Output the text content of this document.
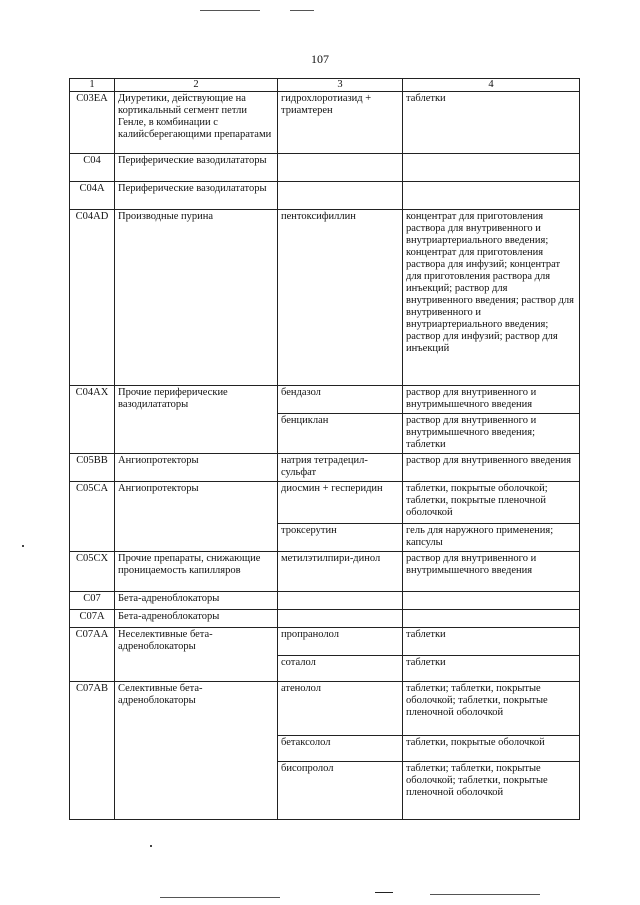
107
1	2	3	4
C03EA	Диуретики, действующие на кортикальный сегмент петли Генле, в комбинации с калийсберегающими препаратами	гидрохлоротиазид + триамтерен	таблетки
C04	Периферические вазодилататоры		
C04A	Периферические вазодилататоры		
C04AD	Производные пурина	пентоксифиллин	концентрат для приготовления раствора для внутривенного и внутриартериального введения; концентрат для приготовления раствора для инфузий; концентрат для приготовления раствора для инъекций; раствор для внутривенного введения; раствор для внутривенного и внутриартериального введения; раствор для инфузий; раствор для инъекций
C04AX	Прочие периферические вазодилататоры	бендазол	раствор для внутривенного и внутримышечного введения
		бенциклан	раствор для внутривенного и внутримышечного введения; таблетки
C05BB	Ангиопротекторы	натрия тетрадецил-сульфат	раствор для внутривенного введения
C05CA	Ангиопротекторы	диосмин + гесперидин	таблетки, покрытые оболочкой; таблетки, покрытые пленочной оболочкой
		троксерутин	гель для наружного применения; капсулы
C05CX	Прочие препараты, снижающие проницаемость капилляров	метилэтилпири-динол	раствор для внутривенного и внутримышечного введения
C07	Бета-адреноблокаторы		
C07A	Бета-адреноблокаторы		
C07AA	Неселективные бета-адреноблокаторы	пропранолол	таблетки
		соталол	таблетки
C07AB	Селективные бета-адреноблокаторы	атенолол	таблетки; таблетки, покрытые оболочкой; таблетки, покрытые пленочной оболочкой
		бетаксолол	таблетки, покрытые оболочкой
		бисопролол	таблетки; таблетки, покрытые оболочкой; таблетки, покрытые пленочной оболочкой
